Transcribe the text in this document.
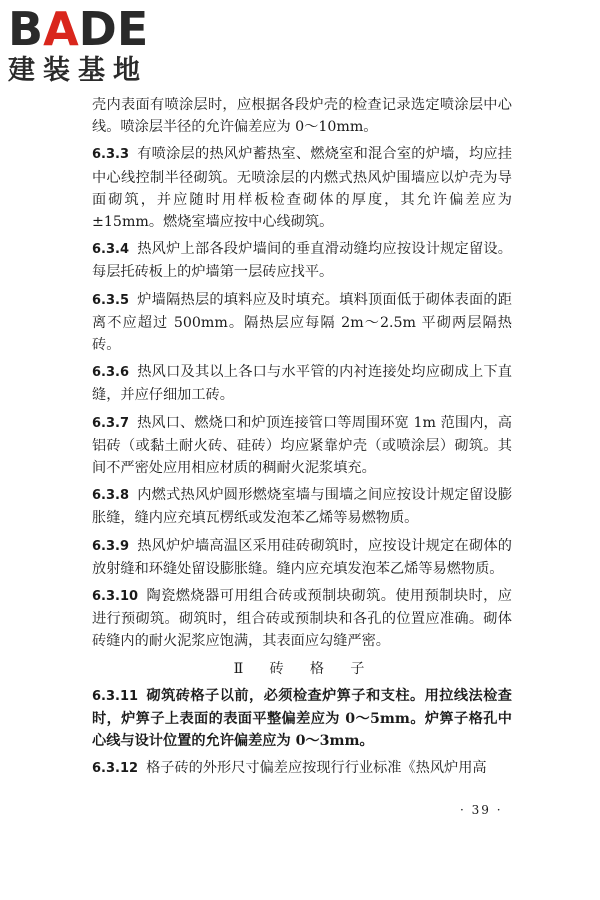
BADE
建装基地

壳内表面有喷涂层时，应根据各段炉壳的检查记录选定喷涂层中心线。喷涂层半径的允许偏差应为 0～10mm。

6.3.3 有喷涂层的热风炉蓄热室、燃烧室和混合室的炉墙，均应挂中心线控制半径砌筑。无喷涂层的内燃式热风炉围墙应以炉壳为导面砌筑，并应随时用样板检查砌体的厚度，其允许偏差应为±15mm。燃烧室墙应按中心线砌筑。

6.3.4 热风炉上部各段炉墙间的垂直滑动缝均应按设计规定留设。每层托砖板上的炉墙第一层砖应找平。

6.3.5 炉墙隔热层的填料应及时填充。填料顶面低于砌体表面的距离不应超过 500mm。隔热层应每隔 2m～2.5m 平砌两层隔热砖。

6.3.6 热风口及其以上各口与水平管的内衬连接处均应砌成上下直缝，并应仔细加工砖。

6.3.7 热风口、燃烧口和炉顶连接管口等周围环宽 1m 范围内，高铝砖（或黏土耐火砖、硅砖）均应紧靠炉壳（或喷涂层）砌筑。其间不严密处应用相应材质的稠耐火泥浆填充。

6.3.8 内燃式热风炉圆形燃烧室墙与围墙之间应按设计规定留设膨胀缝，缝内应充填瓦楞纸或发泡苯乙烯等易燃物质。

6.3.9 热风炉炉墙高温区采用硅砖砌筑时，应按设计规定在砌体的放射缝和环缝处留设膨胀缝。缝内应充填发泡苯乙烯等易燃物质。

6.3.10 陶瓷燃烧器可用组合砖或预制块砌筑。使用预制块时，应进行预砌筑。砌筑时，组合砖或预制块和各孔的位置应准确。砌体砖缝内的耐火泥浆应饱满，其表面应勾缝严密。

Ⅱ　砖　格　子

6.3.11 砌筑砖格子以前，必须检查炉箅子和支柱。用拉线法检查时，炉箅子上表面的表面平整偏差应为 0～5mm。炉箅子格孔中心线与设计位置的允许偏差应为 0～3mm。

6.3.12 格子砖的外形尺寸偏差应按现行行业标准《热风炉用高

· 39 ·
